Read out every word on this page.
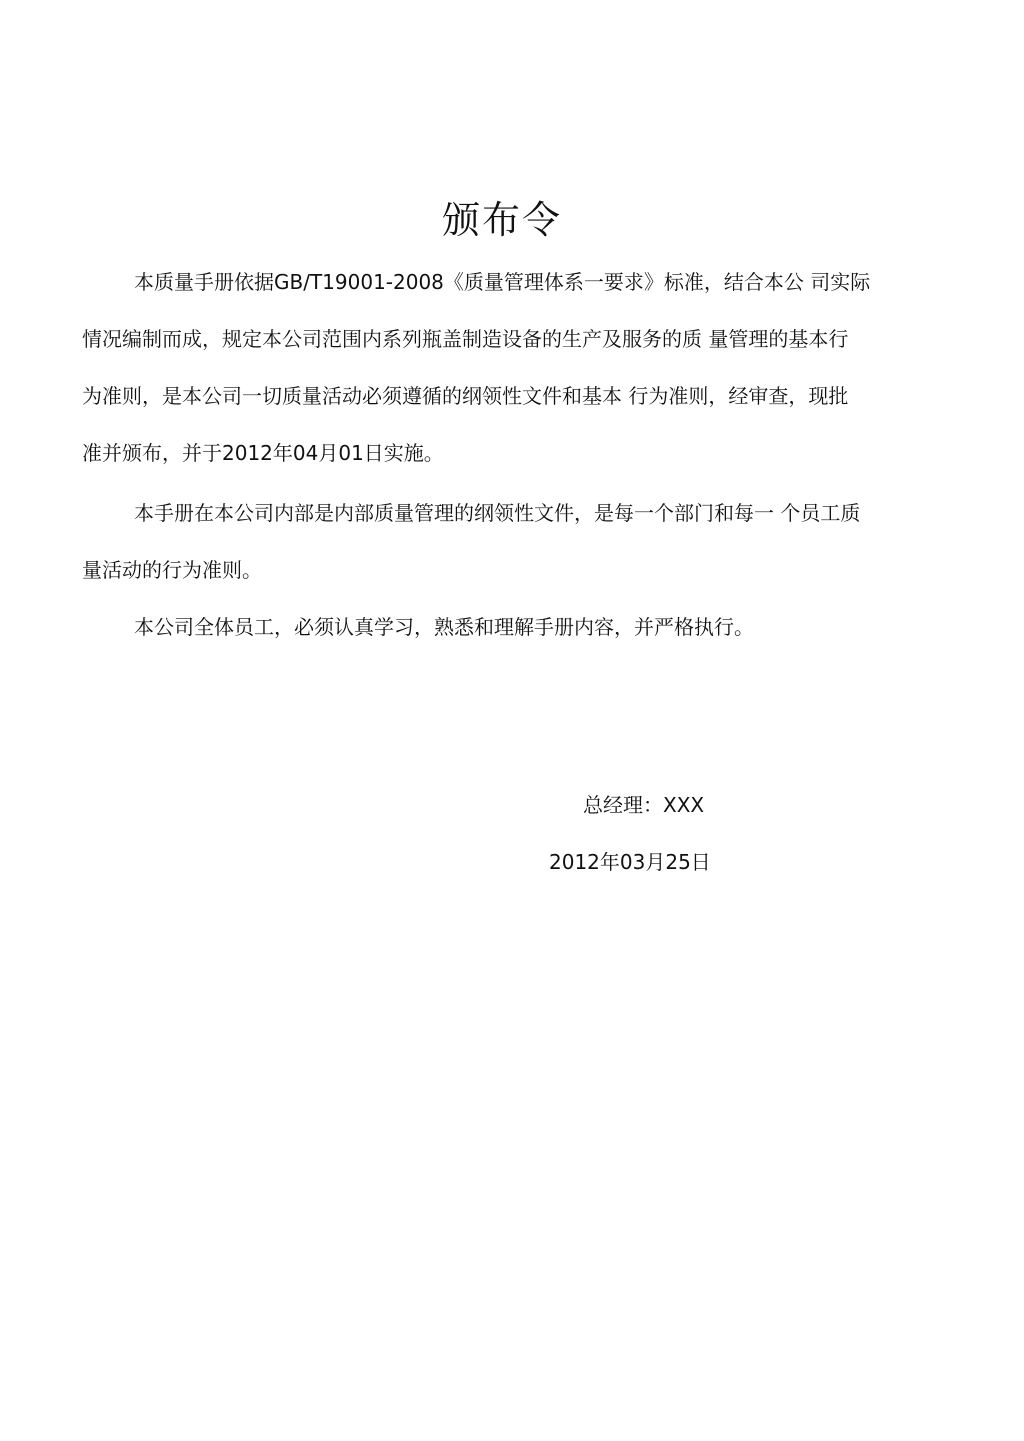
颁布令
本质量手册依据GB/T19001-2008《质量管理体系一要求》标准，结合本公 司实际
情况编制而成，规定本公司范围内系列瓶盖制造设备的生产及服务的质 量管理的基本行
为准则，是本公司一切质量活动必须遵循的纲领性文件和基本 行为准则，经审查，现批
准并颁布，并于2012年04月01日实施。
本手册在本公司内部是内部质量管理的纲领性文件，是每一个部门和每一 个员工质
量活动的行为准则。
本公司全体员工，必须认真学习，熟悉和理解手册内容，并严格执行。
总经理：XXX
2012年03月25日
